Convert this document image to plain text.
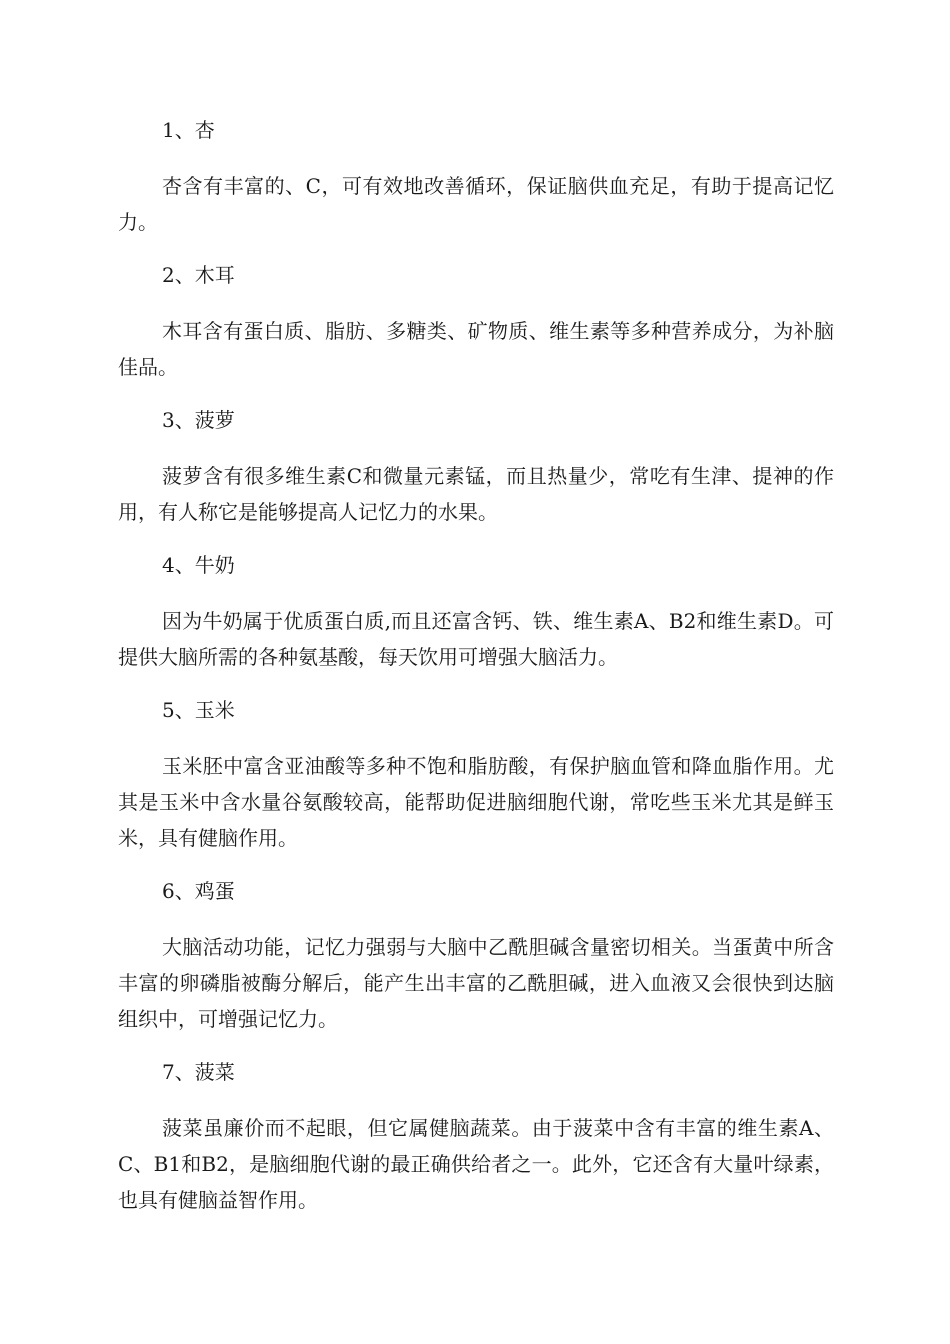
1、杏

杏含有丰富的、C，可有效地改善循环，保证脑供血充足，有助于提高记忆力。

2、木耳

木耳含有蛋白质、脂肪、多糖类、矿物质、维生素等多种营养成分，为补脑佳品。

3、菠萝

菠萝含有很多维生素C和微量元素锰，而且热量少，常吃有生津、提神的作用，有人称它是能够提高人记忆力的水果。

4、牛奶

因为牛奶属于优质蛋白质,而且还富含钙、铁、维生素A、B2和维生素D。可提供大脑所需的各种氨基酸，每天饮用可增强大脑活力。

5、玉米

玉米胚中富含亚油酸等多种不饱和脂肪酸，有保护脑血管和降血脂作用。尤其是玉米中含水量谷氨酸较高，能帮助促进脑细胞代谢，常吃些玉米尤其是鲜玉米，具有健脑作用。

6、鸡蛋

大脑活动功能，记忆力强弱与大脑中乙酰胆碱含量密切相关。当蛋黄中所含丰富的卵磷脂被酶分解后，能产生出丰富的乙酰胆碱，进入血液又会很快到达脑组织中，可增强记忆力。

7、菠菜

菠菜虽廉价而不起眼，但它属健脑蔬菜。由于菠菜中含有丰富的维生素A、C、B1和B2，是脑细胞代谢的最正确供给者之一。此外，它还含有大量叶绿素，也具有健脑益智作用。
